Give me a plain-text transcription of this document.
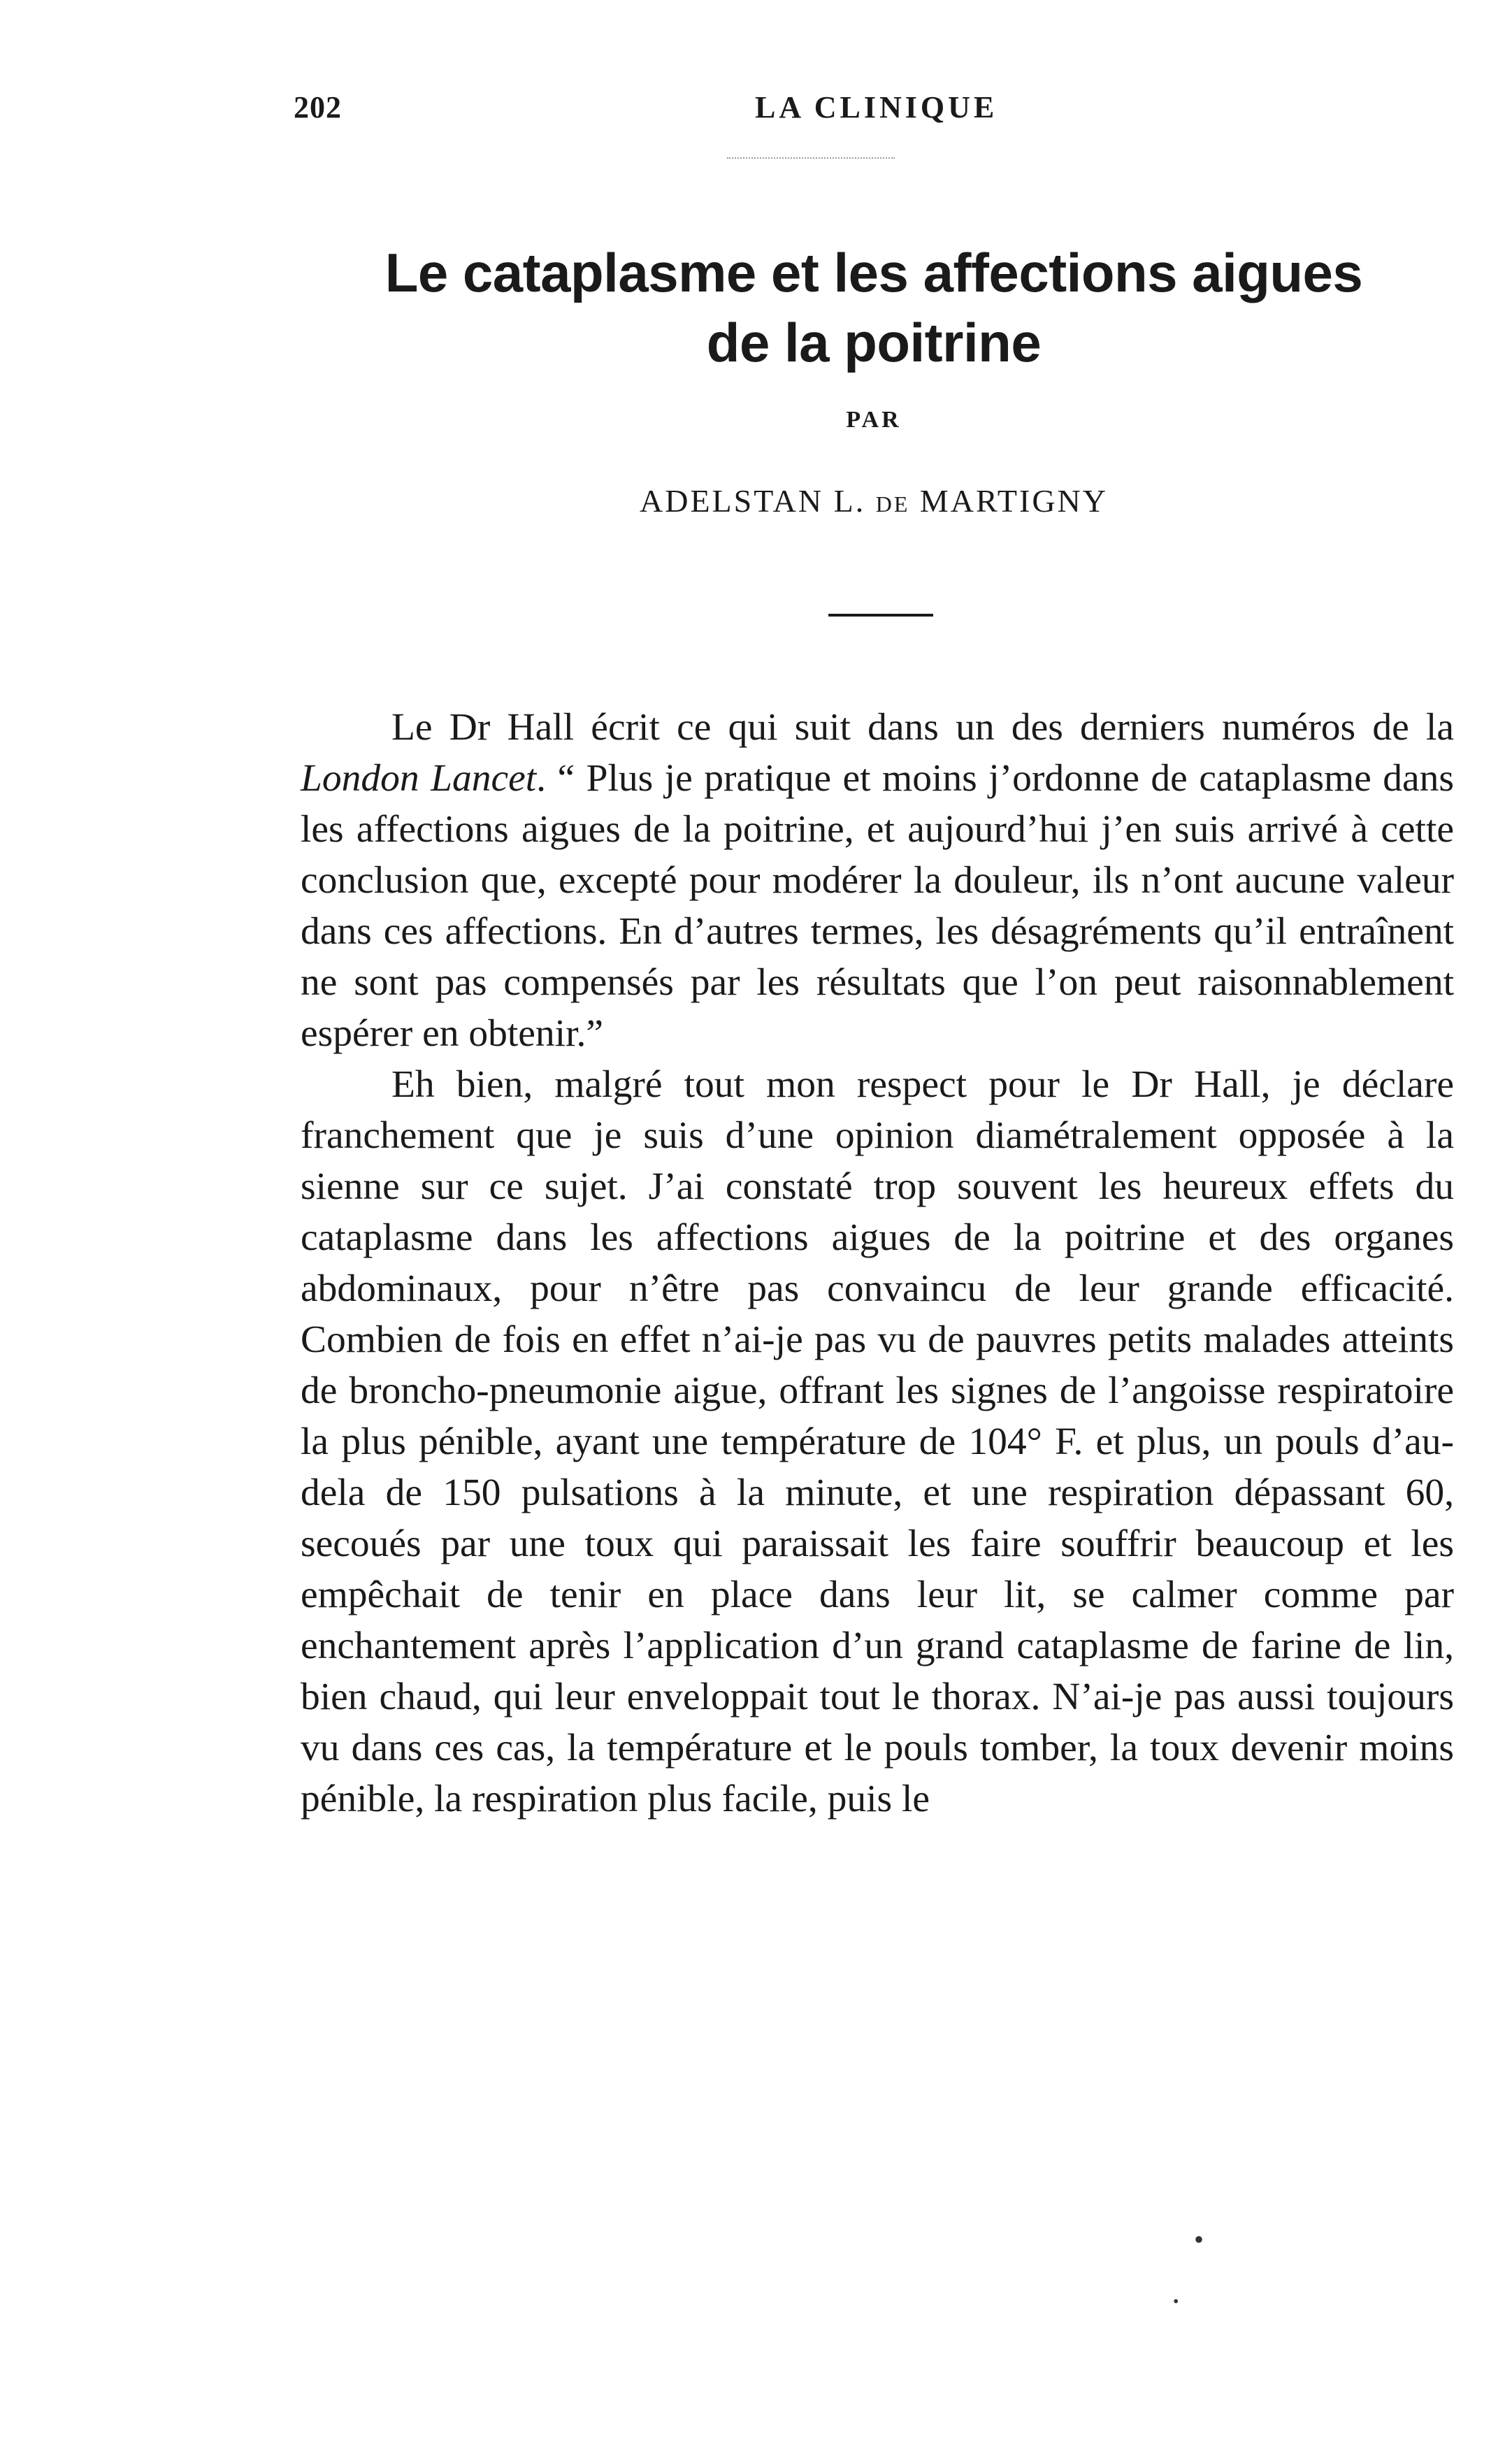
202	LA CLINIQUE
Le cataplasme et les affections aigues
de la poitrine
PAR
ADELSTAN L. DE MARTIGNY

Le Dr Hall écrit ce qui suit dans un des derniers numéros de la London Lancet. “ Plus je pratique et moins j’ordonne de cataplasme dans les affections aigues de la poitrine, et aujourd’hui j’en suis arrivé à cette conclusion que, excepté pour modérer la douleur, ils n’ont aucune valeur dans ces affections. En d’autres termes, les désagréments qu’il entraînent ne sont pas compensés par les résultats que l’on peut raisonnablement espérer en obtenir.”

Eh bien, malgré tout mon respect pour le Dr Hall, je déclare franchement que je suis d’une opinion diamétralement opposée à la sienne sur ce sujet. J’ai constaté trop souvent les heureux effets du cataplasme dans les affections aigues de la poitrine et des organes abdominaux, pour n’être pas convaincu de leur grande efficacité. Combien de fois en effet n’ai-je pas vu de pauvres petits malades atteints de broncho-pneumonie aigue, offrant les signes de l’angoisse respiratoire la plus pénible, ayant une température de 104° F. et plus, un pouls d’au-dela de 150 pulsations à la minute, et une respiration dépassant 60, secoués par une toux qui paraissait les faire souffrir beaucoup et les empêchait de tenir en place dans leur lit, se calmer comme par enchantement après l’application d’un grand cataplasme de farine de lin, bien chaud, qui leur enveloppait tout le thorax. N’ai-je pas aussi toujours vu dans ces cas, la température et le pouls tomber, la toux devenir moins pénible, la respiration plus facile, puis le

•
•
